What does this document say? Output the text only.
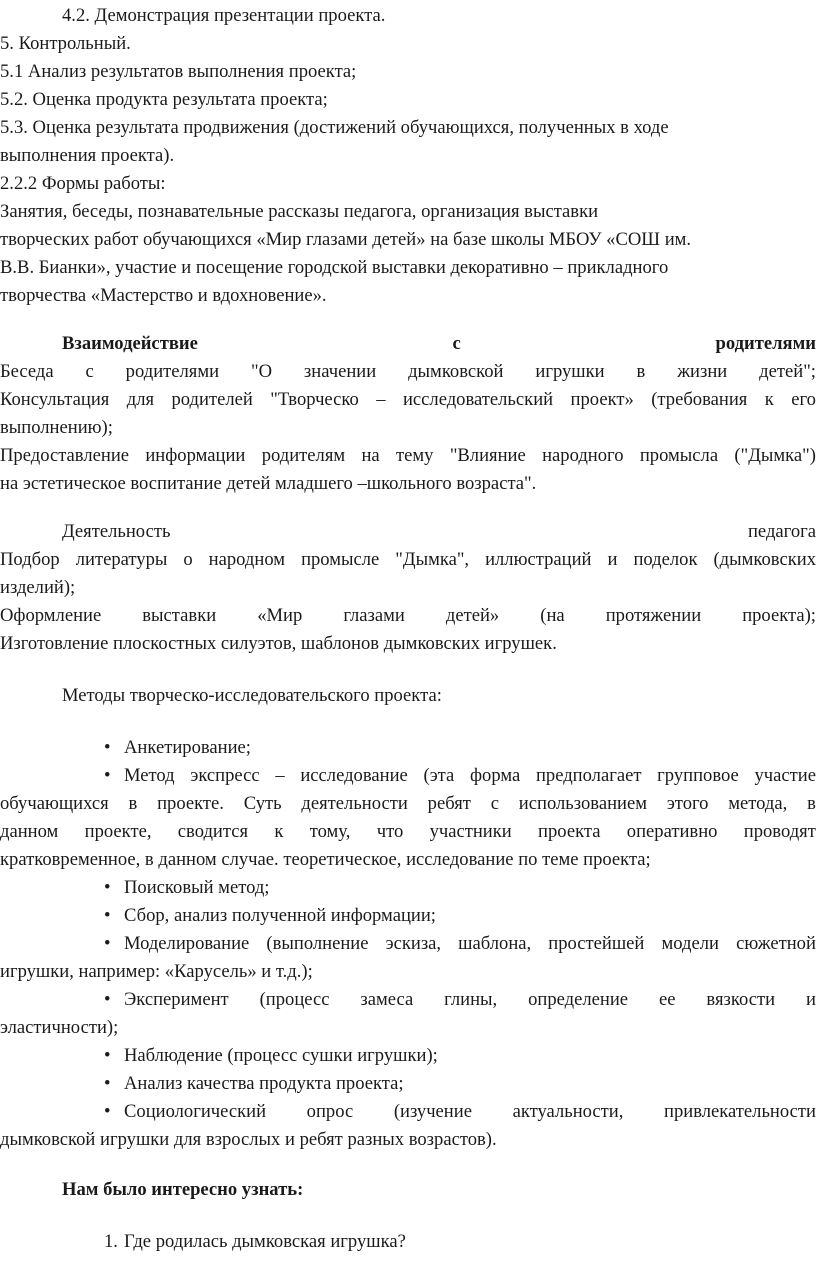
4.2. Демонстрация презентации проекта.
5. Контрольный.
5.1 Анализ результатов выполнения проекта;
5.2. Оценка продукта результата проекта;
5.3. Оценка результата продвижения (достижений обучающихся, полученных в ходе
выполнения проекта).
2.2.2 Формы работы:
Занятия, беседы, познавательные рассказы педагога, организация выставки
творческих работ обучающихся «Мир глазами детей» на базе школы МБОУ «СОШ им.
В.В. Бианки», участие и посещение городской выставки декоративно – прикладного
творчества «Мастерство и вдохновение».
Взаимодействие	с	родителями
Беседа с родителями "О значении дымковской игрушки в жизни детей";
Консультация для родителей "Творческо – исследовательский проект» (требования к его
выполнению);
Предоставление информации родителям на тему "Влияние народного промысла ("Дымка")
на эстетическое воспитание детей младшего –школьного возраста".
Деятельность	педагога
Подбор литературы о народном промысле "Дымка", иллюстраций и поделок (дымковских
изделий);
Оформление выставки «Мир глазами детей» (на протяжении проекта);
Изготовление плоскостных силуэтов, шаблонов дымковских игрушек.
Методы творческо-исследовательского проекта:
• Анкетирование;
• Метод экспресс – исследование (эта форма предполагает групповое участие
обучающихся в проекте. Суть деятельности ребят с использованием этого метода, в
данном проекте, сводится к тому, что участники проекта оперативно проводят
кратковременное, в данном случае. теоретическое, исследование по теме проекта;
• Поисковый метод;
• Сбор, анализ полученной информации;
• Моделирование (выполнение эскиза, шаблона, простейшей модели сюжетной
игрушки, например: «Карусель» и т.д.);
• Эксперимент (процесс замеса глины, определение ее вязкости и
эластичности);
• Наблюдение (процесс сушки игрушки);
• Анализ качества продукта проекта;
• Социологический опрос (изучение актуальности, привлекательности
дымковской игрушки для взрослых и ребят разных возрастов).
Нам было интересно узнать:
1. Где родилась дымковская игрушка?
